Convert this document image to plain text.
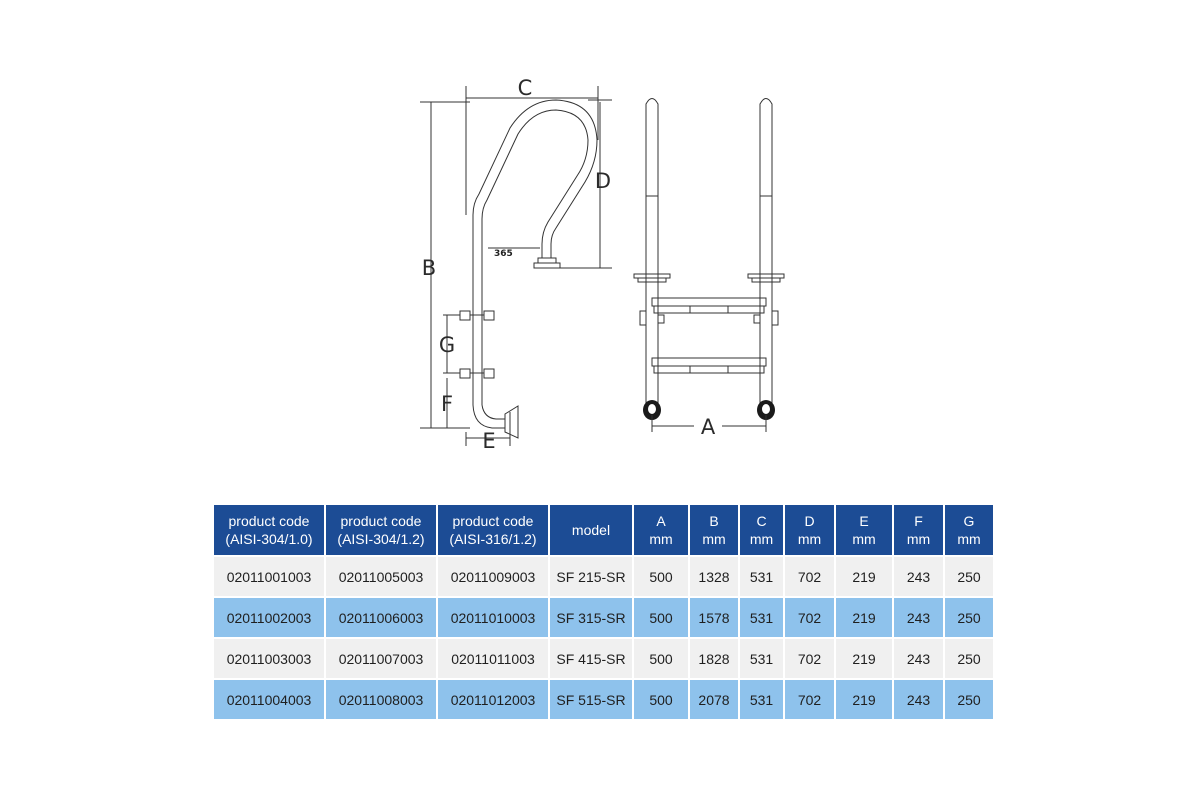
C
D
365
B
G
F
E
A
product code
(AISI-304/1.0)	product code
(AISI-304/1.2)	product code
(AISI-316/1.2)	model	A
mm	B
mm	C
mm	D
mm	E
mm	F
mm	G
mm

02011001003	02011005003	02011009003	SF 215-SR	500	1328	531	702	219	243	250
02011002003	02011006003	02011010003	SF 315-SR	500	1578	531	702	219	243	250
02011003003	02011007003	02011011003	SF 415-SR	500	1828	531	702	219	243	250
02011004003	02011008003	02011012003	SF 515-SR	500	2078	531	702	219	243	250
